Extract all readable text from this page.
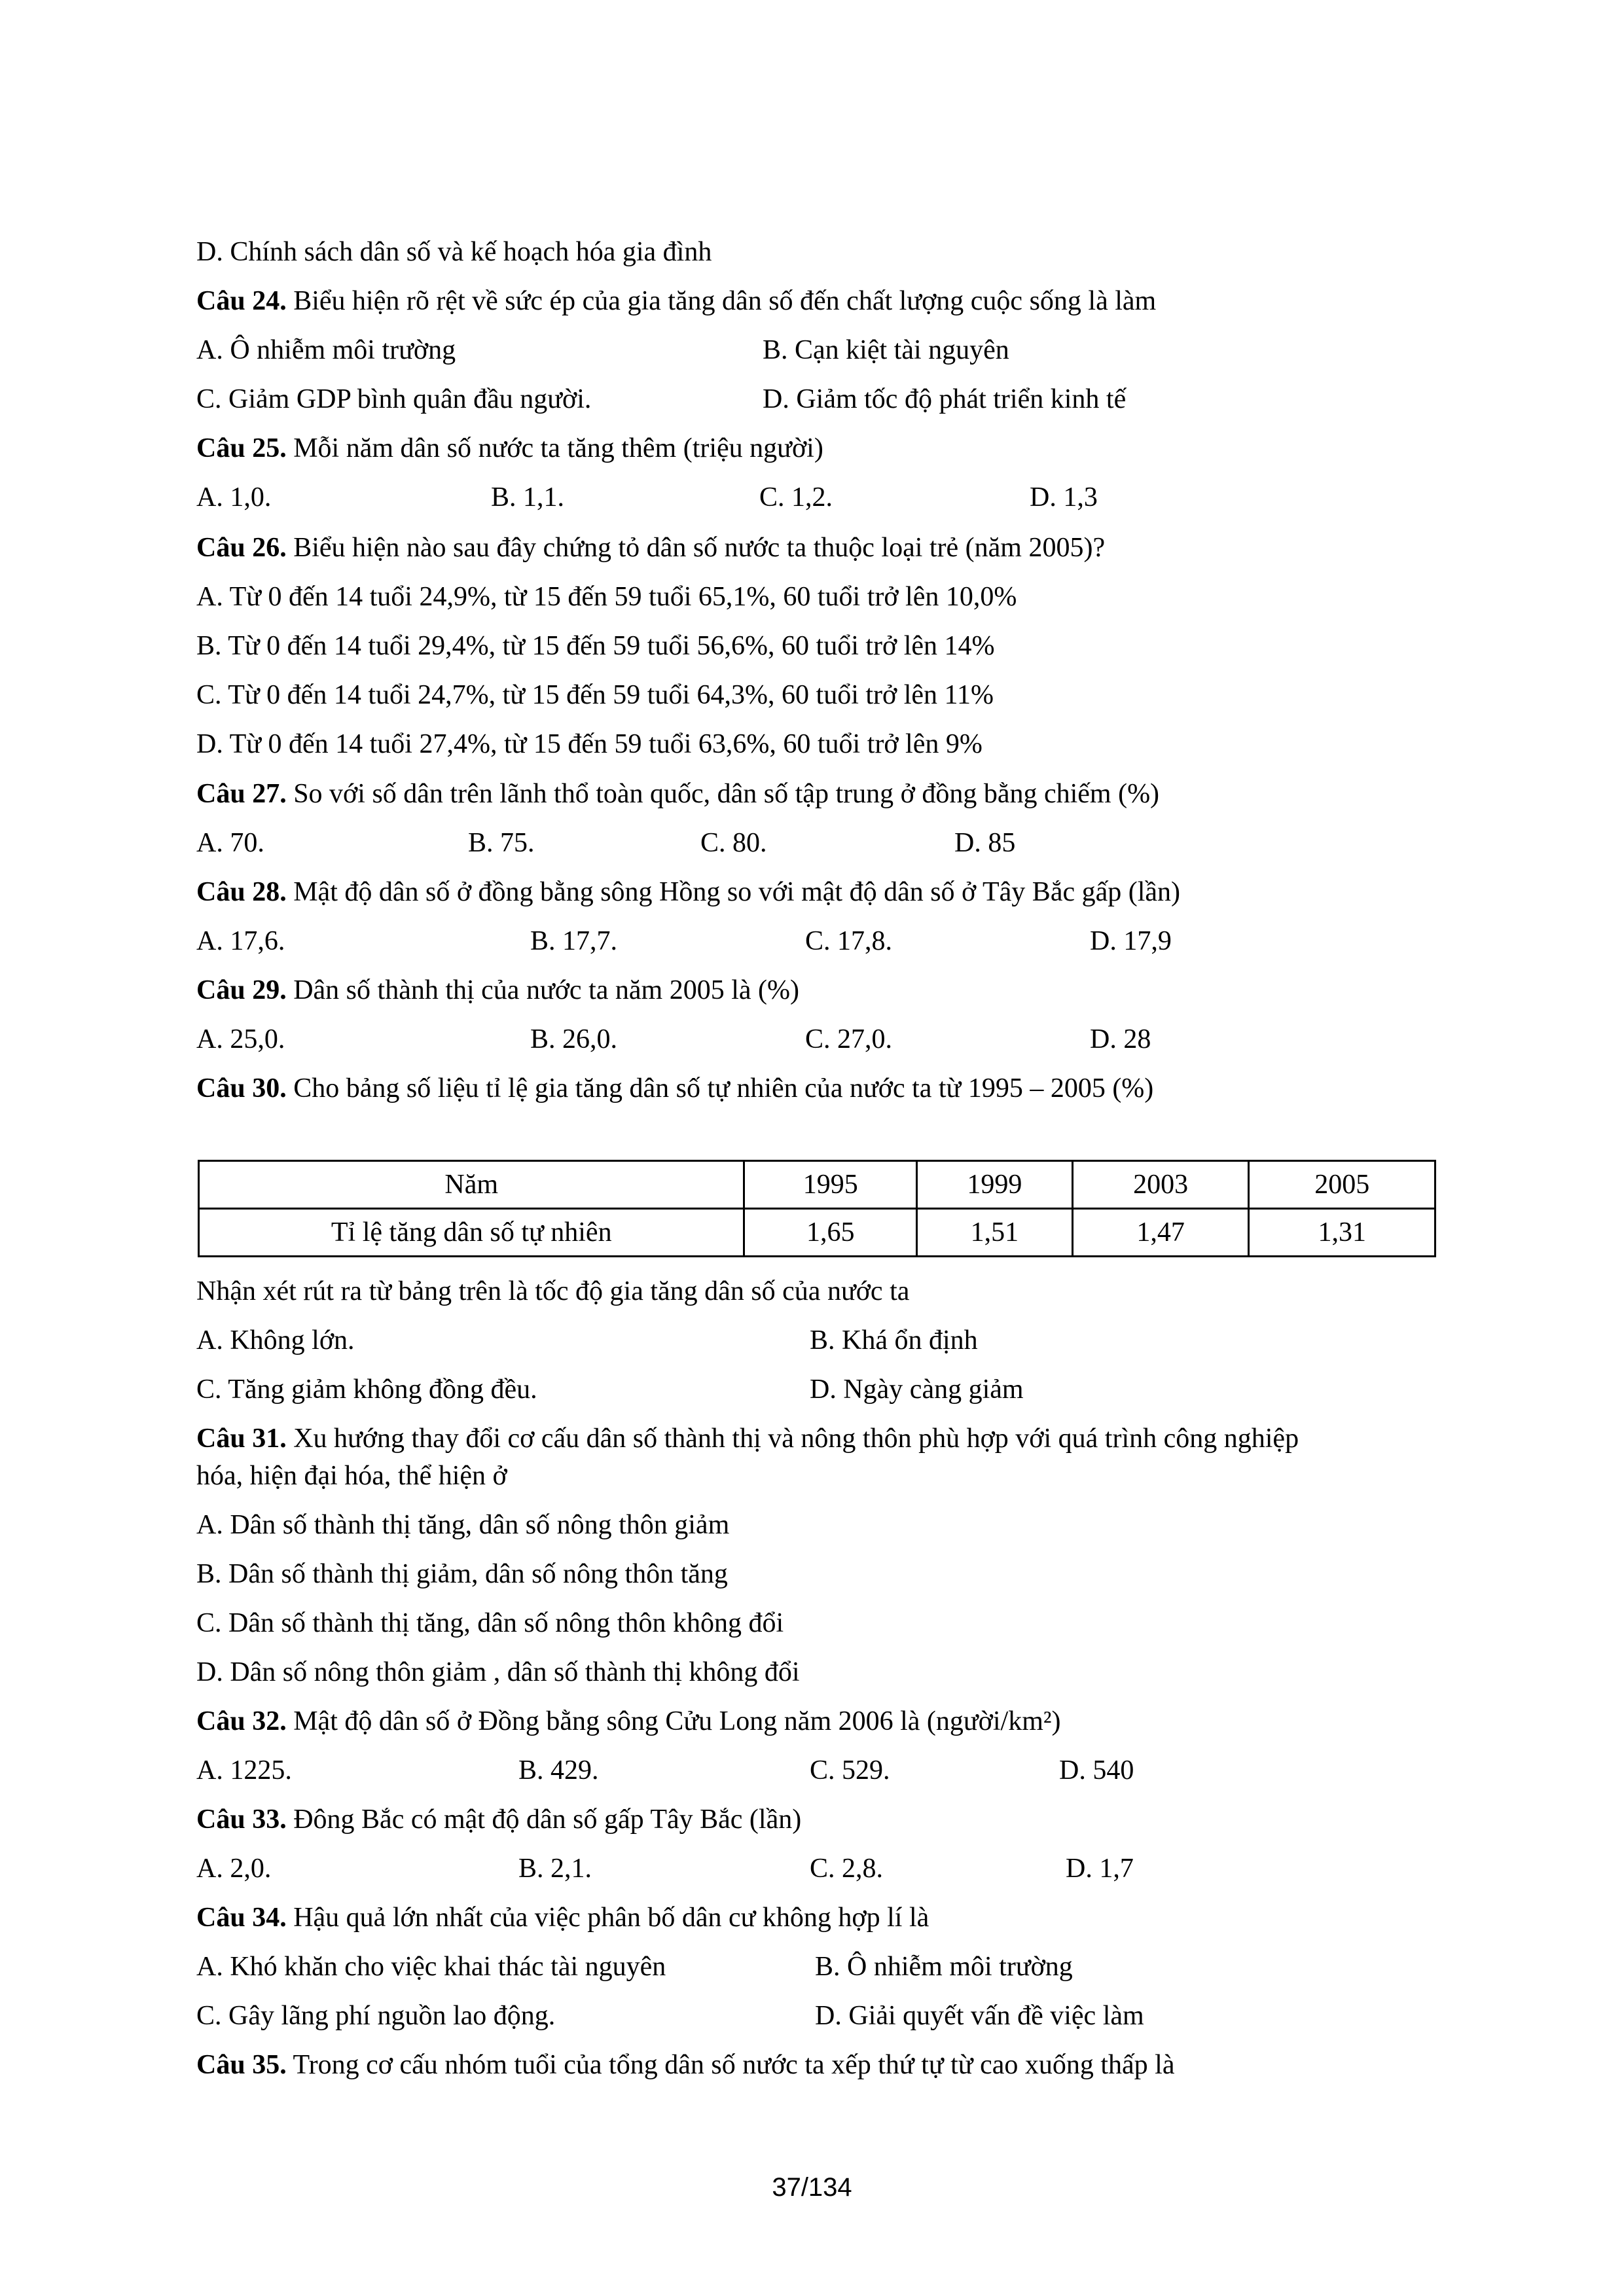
D. Chính sách dân số và kế hoạch hóa gia đình
Câu 24. Biểu hiện rõ rệt về sức ép của gia tăng dân số đến chất lượng cuộc sống là làm
A. Ô nhiễm môi trường	B. Cạn kiệt tài nguyên
C. Giảm GDP bình quân đầu người.	D. Giảm tốc độ phát triển kinh tế
Câu 25. Mỗi năm dân số nước ta tăng thêm (triệu người)
A. 1,0.	B. 1,1.	C. 1,2.	D. 1,3
Câu 26. Biểu hiện nào sau đây chứng tỏ dân số nước ta thuộc loại trẻ (năm 2005)?
A. Từ 0 đến 14 tuổi 24,9%, từ 15 đến 59 tuổi 65,1%, 60 tuổi trở lên 10,0%
B. Từ 0 đến 14 tuổi 29,4%, từ 15 đến 59 tuổi 56,6%, 60 tuổi trở lên 14%
C. Từ 0 đến 14 tuổi 24,7%, từ 15 đến 59 tuổi 64,3%, 60 tuổi trở lên 11%
D. Từ 0 đến 14 tuổi 27,4%, từ 15 đến 59 tuổi 63,6%, 60 tuổi trở lên 9%
Câu 27. So với số dân trên lãnh thổ toàn quốc, dân số tập trung ở đồng bằng chiếm (%)
A. 70.	B. 75.	C. 80.	D. 85
Câu 28. Mật độ dân số ở đồng bằng sông Hồng so với mật độ dân số ở Tây Bắc gấp (lần)
A. 17,6.	B. 17,7.	C. 17,8.	D. 17,9
Câu 29. Dân số thành thị của nước ta năm 2005 là (%)
A. 25,0.	B. 26,0.	C. 27,0.	D. 28
Câu 30. Cho bảng số liệu tỉ lệ gia tăng dân số tự nhiên của nước ta từ 1995 – 2005 (%)
Năm	1995	1999	2003	2005
Tỉ lệ tăng dân số tự nhiên	1,65	1,51	1,47	1,31
Nhận xét rút ra từ bảng trên là tốc độ gia tăng dân số của nước ta
A. Không lớn.	B. Khá ổn định
C. Tăng giảm không đồng đều.	D. Ngày càng giảm
Câu 31. Xu hướng thay đổi cơ cấu dân số thành thị và nông thôn phù hợp với quá trình công nghiệp
hóa, hiện đại hóa, thể hiện ở
A. Dân số thành thị tăng, dân số nông thôn giảm
B. Dân số thành thị giảm, dân số nông thôn tăng
C. Dân số thành thị tăng, dân số nông thôn không đổi
D. Dân số nông thôn giảm , dân số thành thị không đổi
Câu 32. Mật độ dân số ở Đồng bằng sông Cửu Long năm 2006 là (người/km²)
A. 1225.	B. 429.	C. 529.	D. 540
Câu 33. Đông Bắc có mật độ dân số gấp Tây Bắc (lần)
A. 2,0.	B. 2,1.	C. 2,8.	D. 1,7
Câu 34. Hậu quả lớn nhất của việc phân bố dân cư không hợp lí là
A. Khó khăn cho việc khai thác tài nguyên	B. Ô nhiễm môi trường
C. Gây lãng phí nguồn lao động.	D. Giải quyết vấn đề việc làm
Câu 35. Trong cơ cấu nhóm tuổi của tổng dân số nước ta xếp thứ tự từ cao xuống thấp là
37/134
